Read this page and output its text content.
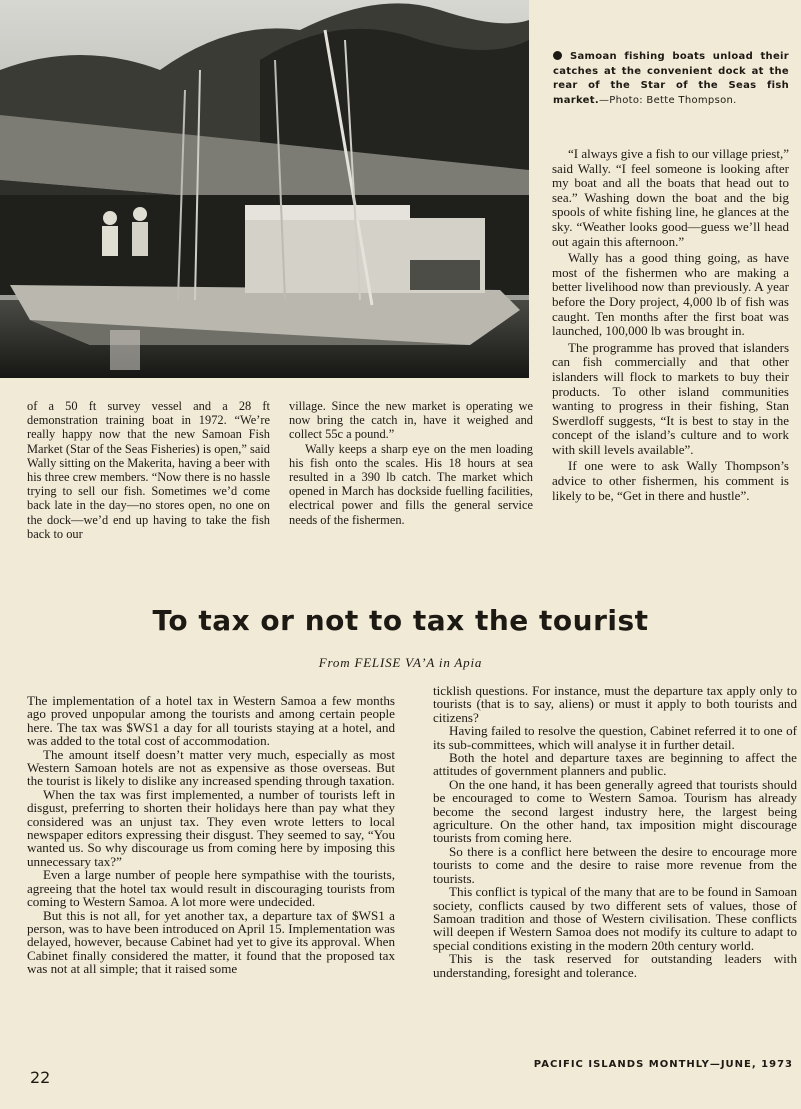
Samoan fishing boats unload their catches at the convenient dock at the rear of the Star of the Seas fish market.—Photo: Bette Thompson.

of a 50 ft survey vessel and a 28 ft demonstration training boat in 1972. “We’re really happy now that the new Samoan Fish Market (Star of the Seas Fisheries) is open,” said Wally sitting on the Makerita, having a beer with his three crew members. “Now there is no hassle trying to sell our fish. Sometimes we’d come back late in the day—no stores open, no one on the dock—we’d end up having to take the fish back to our

village. Since the new market is operating we now bring the catch in, have it weighed and collect 55c a pound.”

Wally keeps a sharp eye on the men loading his fish onto the scales. His 18 hours at sea resulted in a 390 lb catch. The market which opened in March has dockside fuelling facilities, electrical power and fills the general service needs of the fishermen.

“I always give a fish to our village priest,” said Wally. “I feel someone is looking after my boat and all the boats that head out to sea.” Washing down the boat and the big spools of white fishing line, he glances at the sky. “Weather looks good—guess we’ll head out again this afternoon.”

Wally has a good thing going, as have most of the fishermen who are making a better livelihood now than previously. A year before the Dory project, 4,000 lb of fish was caught. Ten months after the first boat was launched, 100,000 lb was brought in.

The programme has proved that islanders can fish commercially and that other islanders will flock to markets to buy their products. To other island communities wanting to progress in their fishing, Stan Swerdloff suggests, “It is best to stay in the concept of the island’s culture and to work with skill levels available”.

If one were to ask Wally Thompson’s advice to other fishermen, his comment is likely to be, “Get in there and hustle”.

To tax or not to tax the tourist
From FELISE VA’A in Apia

The implementation of a hotel tax in Western Samoa a few months ago proved unpopular among the tourists and among certain people here. The tax was $WS1 a day for all tourists staying at a hotel, and was added to the total cost of accommodation.

The amount itself doesn’t matter very much, especially as most Western Samoan hotels are not as expensive as those overseas. But the tourist is likely to dislike any increased spending through taxation.

When the tax was first implemented, a number of tourists left in disgust, preferring to shorten their holidays here than pay what they considered was an unjust tax. They even wrote letters to local newspaper editors expressing their disgust. They seemed to say, “You wanted us. So why discourage us from coming here by imposing this unnecessary tax?”

Even a large number of people here sympathise with the tourists, agreeing that the hotel tax would result in discouraging tourists from coming to Western Samoa. A lot more were undecided.

But this is not all, for yet another tax, a departure tax of $WS1 a person, was to have been introduced on April 15. Implementation was delayed, however, because Cabinet had yet to give its approval. When Cabinet finally considered the matter, it found that the proposed tax was not at all simple; that it raised some

ticklish questions. For instance, must the departure tax apply only to tourists (that is to say, aliens) or must it apply to both tourists and citizens?

Having failed to resolve the question, Cabinet referred it to one of its sub-committees, which will analyse it in further detail.

Both the hotel and departure taxes are beginning to affect the attitudes of government planners and public.

On the one hand, it has been generally agreed that tourists should be encouraged to come to Western Samoa. Tourism has already become the second largest industry here, the largest being agriculture. On the other hand, tax imposition might discourage tourists from coming here.

So there is a conflict here between the desire to encourage more tourists to come and the desire to raise more revenue from the tourists.

This conflict is typical of the many that are to be found in Samoan society, conflicts caused by two different sets of values, those of Samoan tradition and those of Western civilisation. These conflicts will deepen if Western Samoa does not modify its culture to adapt to special conditions existing in the modern 20th century world.

This is the task reserved for outstanding leaders with understanding, foresight and tolerance.

22
PACIFIC ISLANDS MONTHLY—JUNE, 1973
